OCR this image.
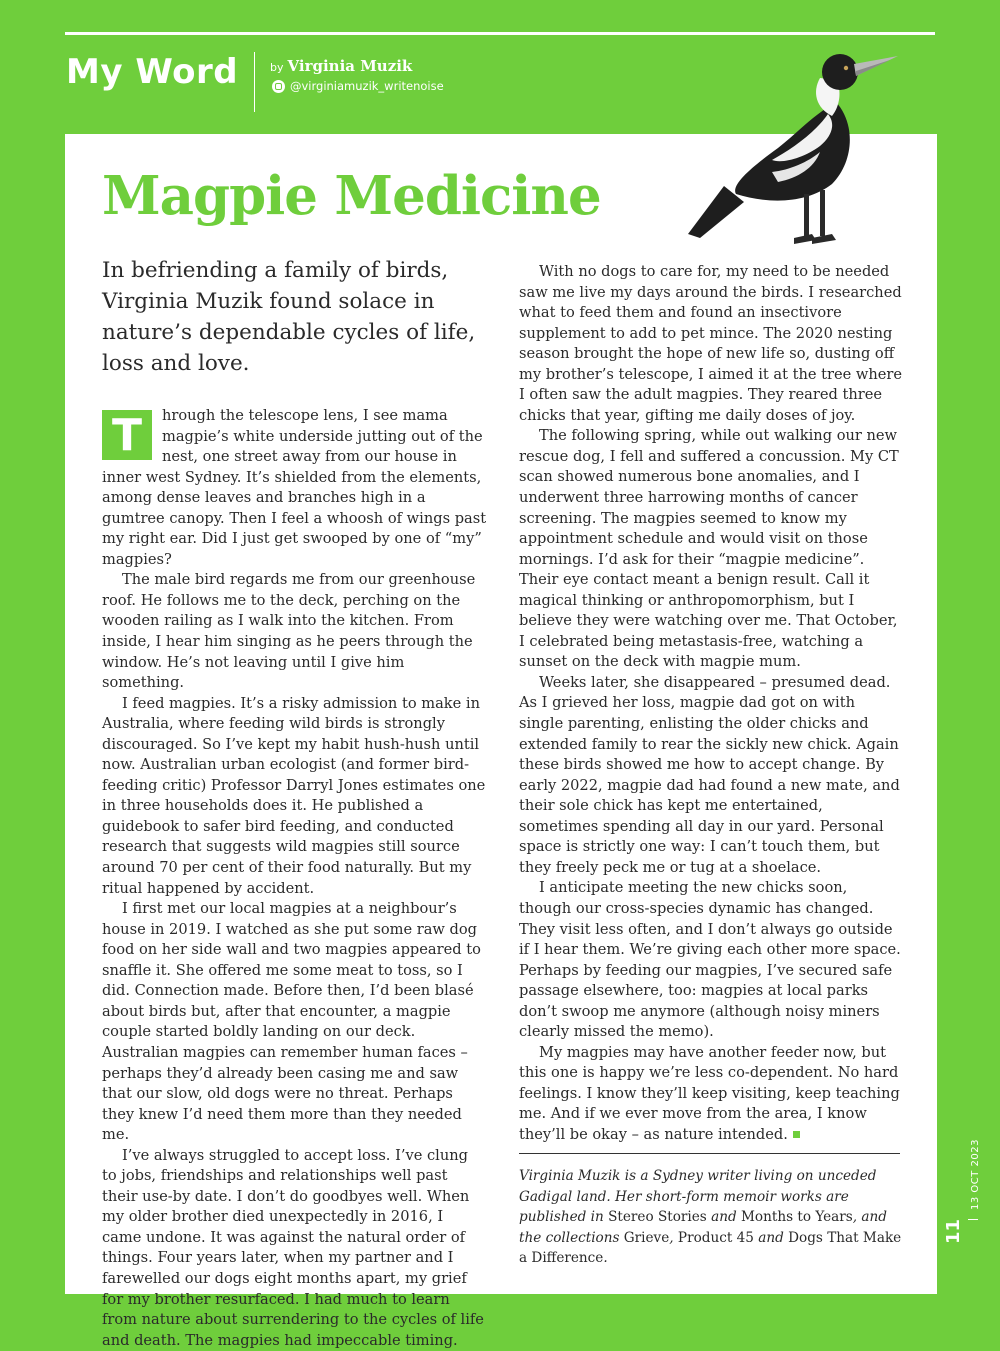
My Word	by Virginia Muzik
@virginiamuzik_writenoise
Magpie Medicine

In befriending a family of birds, Virginia Muzik found solace in nature’s dependable cycles of life, loss and love.

T	hrough the telescope lens, I see mama magpie’s white underside jutting out of the nest, one street away from our house in inner west Sydney. It’s shielded from the elements, among dense leaves and branches high in a gumtree canopy. Then I feel a whoosh of wings past my right ear. Did I just get swooped by one of “my” magpies?

The male bird regards me from our greenhouse roof. He follows me to the deck, perching on the wooden railing as I walk into the kitchen. From inside, I hear him singing as he peers through the window. He’s not leaving until I give him something.

I feed magpies. It’s a risky admission to make in Australia, where feeding wild birds is strongly discouraged. So I’ve kept my habit hush-hush until now. Australian urban ecologist (and former bird-feeding critic) Professor Darryl Jones estimates one in three households does it. He published a guidebook to safer bird feeding, and conducted research that suggests wild magpies still source around 70 per cent of their food naturally. But my ritual happened by accident.

I first met our local magpies at a neighbour’s house in 2019. I watched as she put some raw dog food on her side wall and two magpies appeared to snaffle it. She offered me some meat to toss, so I did. Connection made. Before then, I’d been blasé about birds but, after that encounter, a magpie couple started boldly landing on our deck. Australian magpies can remember human faces – perhaps they’d already been casing me and saw that our slow, old dogs were no threat. Perhaps they knew I’d need them more than they needed me.

I’ve always struggled to accept loss. I’ve clung to jobs, friendships and relationships well past their use-by date. I don’t do goodbyes well. When my older brother died unexpectedly in 2016, I came undone. It was against the natural order of things. Four years later, when my partner and I farewelled our dogs eight months apart, my grief for my brother resurfaced. I had much to learn from nature about surrendering to the cycles of life and death. The magpies had impeccable timing.

With no dogs to care for, my need to be needed saw me live my days around the birds. I researched what to feed them and found an insectivore supplement to add to pet mince. The 2020 nesting season brought the hope of new life so, dusting off my brother’s telescope, I aimed it at the tree where I often saw the adult magpies. They reared three chicks that year, gifting me daily doses of joy.

The following spring, while out walking our new rescue dog, I fell and suffered a concussion. My CT scan showed numerous bone anomalies, and I underwent three harrowing months of cancer screening. The magpies seemed to know my appointment schedule and would visit on those mornings. I’d ask for their “magpie medicine”. Their eye contact meant a benign result. Call it magical thinking or anthropomorphism, but I believe they were watching over me. That October, I celebrated being metastasis-free, watching a sunset on the deck with magpie mum.

Weeks later, she disappeared – presumed dead. As I grieved her loss, magpie dad got on with single parenting, enlisting the older chicks and extended family to rear the sickly new chick. Again these birds showed me how to accept change. By early 2022, magpie dad had found a new mate, and their sole chick has kept me entertained, sometimes spending all day in our yard. Personal space is strictly one way: I can’t touch them, but they freely peck me or tug at a shoelace.

I anticipate meeting the new chicks soon, though our cross-species dynamic has changed. They visit less often, and I don’t always go outside if I hear them. We’re giving each other more space. Perhaps by feeding our magpies, I’ve secured safe passage elsewhere, too: magpies at local parks don’t swoop me anymore (although noisy miners clearly missed the memo).

My magpies may have another feeder now, but this one is happy we’re less co-dependent. No hard feelings. I know they’ll keep visiting, keep teaching me. And if we ever move from the area, I know they’ll be okay – as nature intended.

Virginia Muzik is a Sydney writer living on unceded Gadigal land. Her short-form memoir works are published in Stereo Stories and Months to Years, and the collections Grieve, Product 45 and Dogs That Make a Difference.

11
13 OCT 2023
